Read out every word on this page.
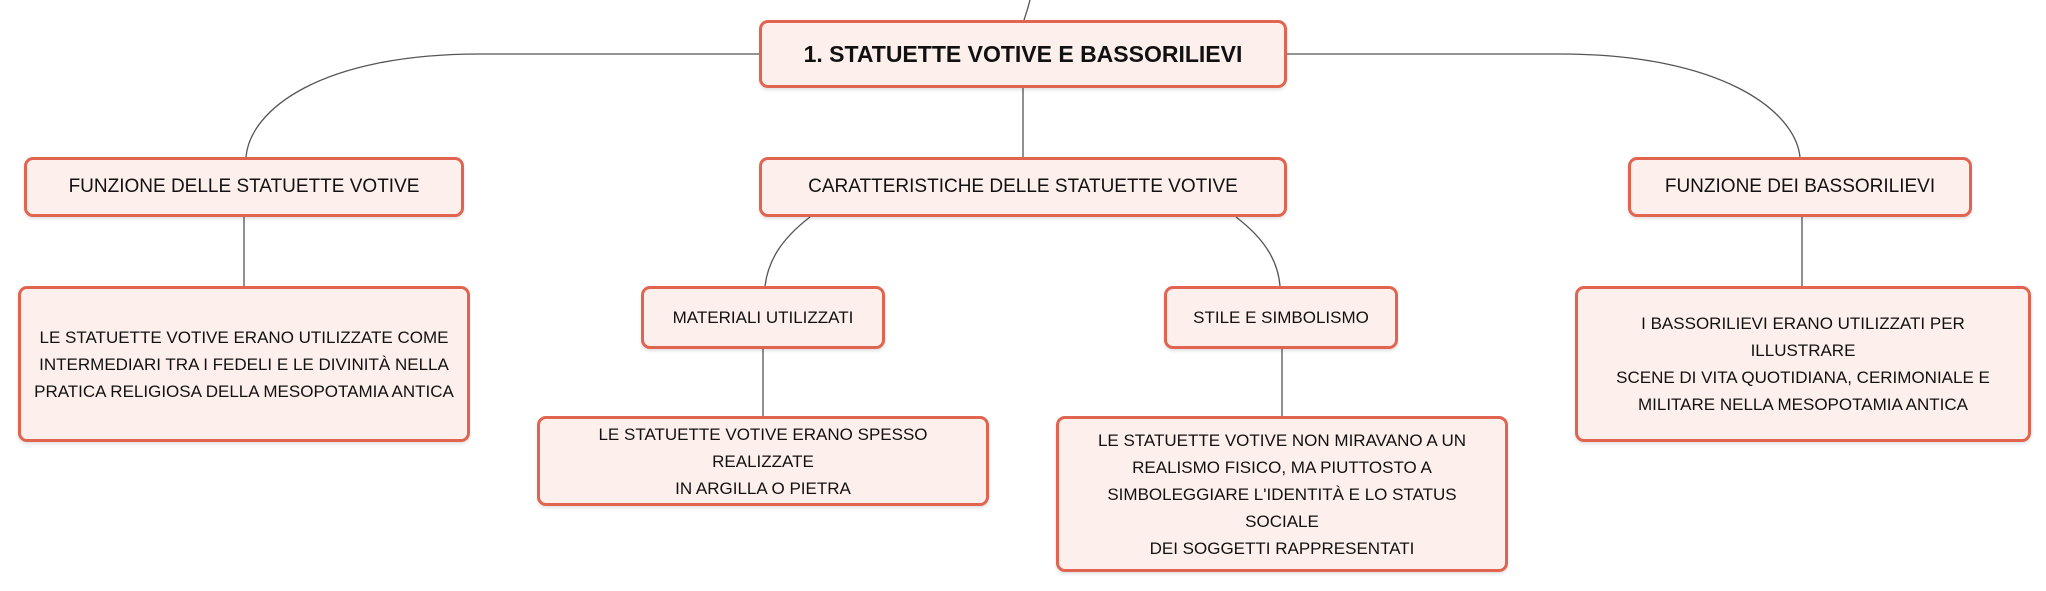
1. STATUETTE VOTIVE E BASSORILIEVI
FUNZIONE DELLE STATUETTE VOTIVE	CARATTERISTICHE DELLE STATUETTE VOTIVE	FUNZIONE DEI BASSORILIEVI
LE STATUETTE VOTIVE ERANO UTILIZZATE COME
INTERMEDIARI TRA I FEDELI E LE DIVINITÀ NELLA
PRATICA RELIGIOSA DELLA MESOPOTAMIA ANTICA
MATERIALI UTILIZZATI	STILE E SIMBOLISMO	I BASSORILIEVI ERANO UTILIZZATI PER ILLUSTRARE
SCENE DI VITA QUOTIDIANA, CERIMONIALE E
MILITARE NELLA MESOPOTAMIA ANTICA
LE STATUETTE VOTIVE ERANO SPESSO REALIZZATE
IN ARGILLA O PIETRA
LE STATUETTE VOTIVE NON MIRAVANO A UN
REALISMO FISICO, MA PIUTTOSTO A
SIMBOLEGGIARE L'IDENTITÀ E LO STATUS SOCIALE
DEI SOGGETTI RAPPRESENTATI
